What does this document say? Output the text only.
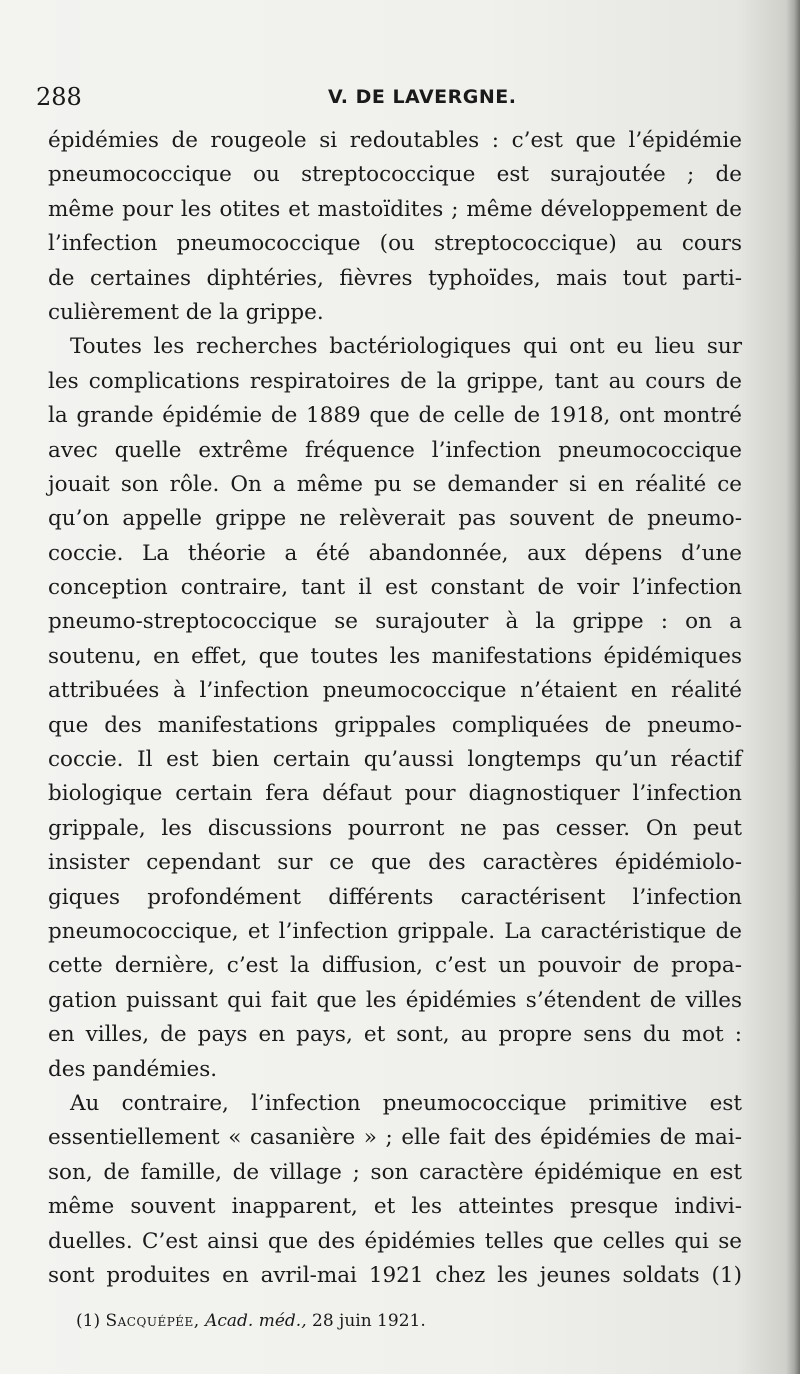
288	V. DE LAVERGNE.
épidémies de rougeole si redoutables : c’est que l’épidémie
pneumococcique ou streptococcique est surajoutée ; de
même pour les otites et mastoïdites ; même développement de
l’infection pneumococcique (ou streptococcique) au cours
de certaines diphtéries, fièvres typhoïdes, mais tout parti-
culièrement de la grippe.
Toutes les recherches bactériologiques qui ont eu lieu sur
les complications respiratoires de la grippe, tant au cours de
la grande épidémie de 1889 que de celle de 1918, ont montré
avec quelle extrême fréquence l’infection pneumococcique
jouait son rôle. On a même pu se demander si en réalité ce
qu’on appelle grippe ne relèverait pas souvent de pneumo-
coccie. La théorie a été abandonnée, aux dépens d’une
conception contraire, tant il est constant de voir l’infection
pneumo-streptococcique se surajouter à la grippe : on a
soutenu, en effet, que toutes les manifestations épidémiques
attribuées à l’infection pneumococcique n’étaient en réalité
que des manifestations grippales compliquées de pneumo-
coccie. Il est bien certain qu’aussi longtemps qu’un réactif
biologique certain fera défaut pour diagnostiquer l’infection
grippale, les discussions pourront ne pas cesser. On peut
insister cependant sur ce que des caractères épidémiolo-
giques profondément différents caractérisent l’infection
pneumococcique, et l’infection grippale. La caractéristique de
cette dernière, c’est la diffusion, c’est un pouvoir de propa-
gation puissant qui fait que les épidémies s’étendent de villes
en villes, de pays en pays, et sont, au propre sens du mot :
des pandémies.
Au contraire, l’infection pneumococcique primitive est
essentiellement « casanière » ; elle fait des épidémies de mai-
son, de famille, de village ; son caractère épidémique en est
même souvent inapparent, et les atteintes presque indivi-
duelles. C’est ainsi que des épidémies telles que celles qui se
sont produites en avril-mai 1921 chez les jeunes soldats (1)
(1) Sacquépée, Acad. méd., 28 juin 1921.
